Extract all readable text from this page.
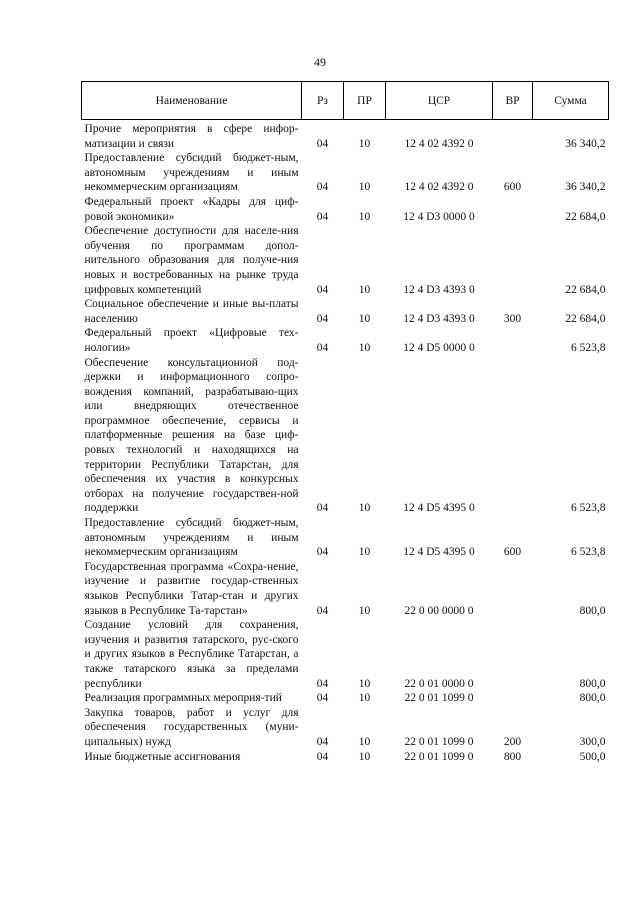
49
Наименование	Рз	ПР	ЦСР	ВР	Сумма
Прочие мероприятия в сфере инфор-матизации и связи	04	10	12 4 02 4392 0		36 340,2
Предоставление субсидий бюджет-ным, автономным учреждениям и иным некоммерческим организациям	04	10	12 4 02 4392 0	600	36 340,2
Федеральный проект «Кадры для циф-ровой экономики»	04	10	12 4 D3 0000 0		22 684,0
Обеспечение доступности для населе-ния обучения по программам допол-нительного образования для получе-ния новых и востребованных на рынке труда цифровых компетенций	04	10	12 4 D3 4393 0		22 684,0
Социальное обеспечение и иные вы-платы населению	04	10	12 4 D3 4393 0	300	22 684,0
Федеральный проект «Цифровые тех-нологии»	04	10	12 4 D5 0000 0		6 523,8
Обеспечение консультационной под-держки и информационного сопро-вождения компаний, разрабатываю-щих или внедряющих отечественное программное обеспечение, сервисы и платформенные решения на базе циф-ровых технологий и находящихся на территории Республики Татарстан, для обеспечения их участия в конкурсных отборах на получение государствен-ной поддержки	04	10	12 4 D5 4395 0		6 523,8
Предоставление субсидий бюджет-ным, автономным учреждениям и иным некоммерческим организациям	04	10	12 4 D5 4395 0	600	6 523,8
Государственная программа «Сохра-нение, изучение и развитие государ-ственных языков Республики Татар-стан и других языков в Республике Та-тарстан»	04	10	22 0 00 0000 0		800,0
Создание условий для сохранения, изучения и развития татарского, рус-ского и других языков в Республике Татарстан, а также татарского языка за пределами республики	04	10	22 0 01 0000 0		800,0
Реализация программных мероприя-тий	04	10	22 0 01 1099 0		800,0
Закупка товаров, работ и услуг для обеспечения государственных (муни-ципальных) нужд	04	10	22 0 01 1099 0	200	300,0
Иные бюджетные ассигнования	04	10	22 0 01 1099 0	800	500,0
